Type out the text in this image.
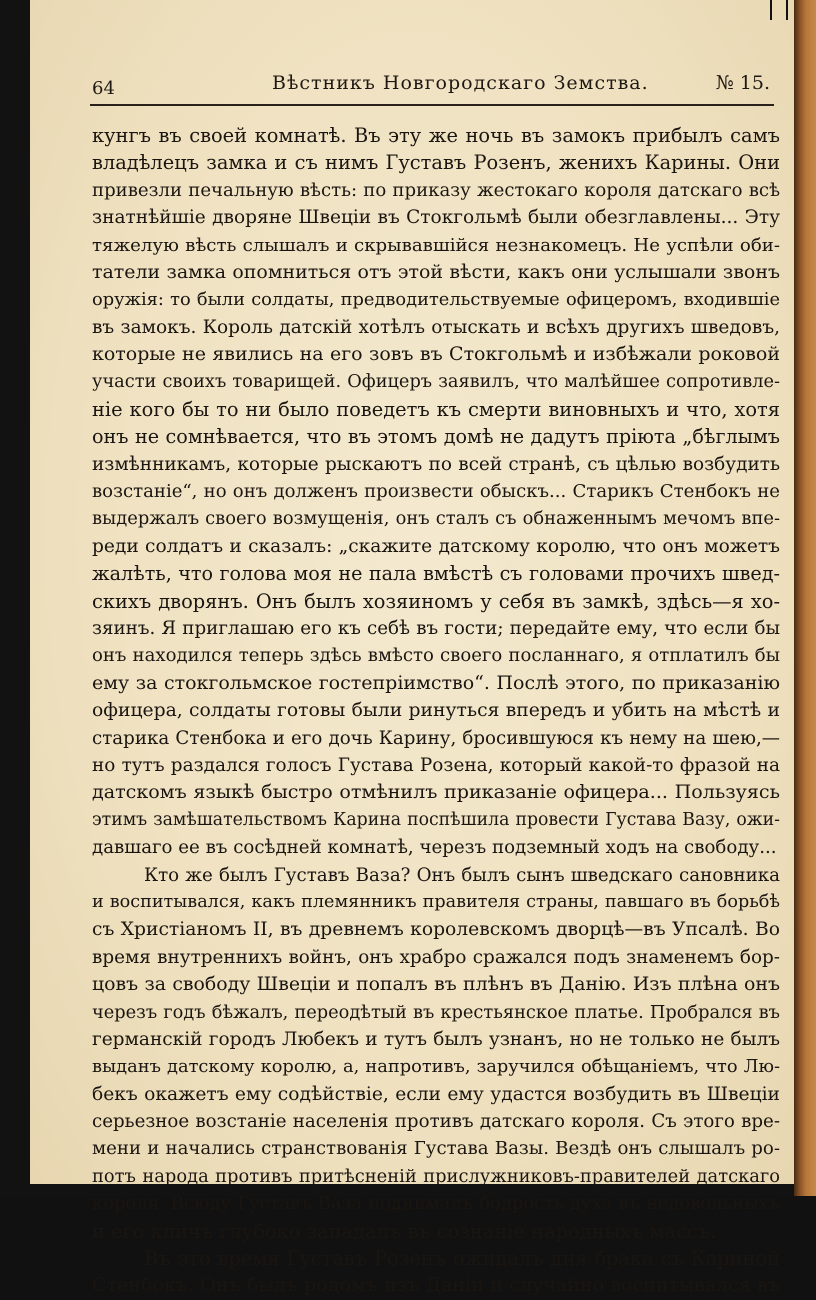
64	Вѣстникъ Новгородскаго Земства.	№ 15.
кунгъ въ своей комнатѣ. Въ эту же ночь въ замокъ прибылъ самъ
владѣлецъ замка и съ нимъ Густавъ Розенъ, женихъ Карины. Они
привезли печальную вѣсть: по приказу жестокаго короля датскаго всѣ
знатнѣйшіе дворяне Швеціи въ Стокгольмѣ были обезглавлены... Эту
тяжелую вѣсть слышалъ и скрывавшійся незнакомецъ. Не успѣли оби-
татели замка опомниться отъ этой вѣсти, какъ они услышали звонъ
оружія: то были солдаты, предводительствуемые офицеромъ, входившіе
въ замокъ. Король датскій хотѣлъ отыскать и всѣхъ другихъ шведовъ,
которые не явились на его зовъ въ Стокгольмѣ и избѣжали роковой
участи своихъ товарищей. Офицеръ заявилъ, что малѣйшее сопротивле-
ніе кого бы то ни было поведетъ къ смерти виновныхъ и что, хотя
онъ не сомнѣвается, что въ этомъ домѣ не дадутъ пріюта „бѣглымъ
измѣнникамъ, которые рыскаютъ по всей странѣ, съ цѣлью возбудить
возстаніе“, но онъ долженъ произвести обыскъ... Старикъ Стенбокъ не
выдержалъ своего возмущенія, онъ сталъ съ обнаженнымъ мечомъ впе-
реди солдатъ и сказалъ: „скажите датскому королю, что онъ можетъ
жалѣть, что голова моя не пала вмѣстѣ съ головами прочихъ швед-
скихъ дворянъ. Онъ былъ хозяиномъ у себя въ замкѣ, здѣсь—я хо-
зяинъ. Я приглашаю его къ себѣ въ гости; передайте ему, что если бы
онъ находился теперь здѣсь вмѣсто своего посланнаго, я отплатилъ бы
ему за стокгольмское гостепріимство“. Послѣ этого, по приказанію
офицера, солдаты готовы были ринуться впередъ и убить на мѣстѣ и
старика Стенбока и его дочь Карину, бросившуюся къ нему на шею,—
но тутъ раздался голосъ Густава Розена, который какой-то фразой на
датскомъ языкѣ быстро отмѣнилъ приказаніе офицера... Пользуясь
этимъ замѣшательствомъ Карина поспѣшила провести Густава Вазу, ожи-
давшаго ее въ сосѣдней комнатѣ, черезъ подземный ходъ на свободу...
Кто же былъ Густавъ Ваза? Онъ былъ сынъ шведскаго сановника
и воспитывался, какъ племянникъ правителя страны, павшаго въ борьбѣ
съ Христіаномъ II, въ древнемъ королевскомъ дворцѣ—въ Упсалѣ. Во
время внутреннихъ войнъ, онъ храбро сражался подъ знаменемъ бор-
цовъ за свободу Швеціи и попалъ въ плѣнъ въ Данію. Изъ плѣна онъ
черезъ годъ бѣжалъ, переодѣтый въ крестьянское платье. Пробрался въ
германскій городъ Любекъ и тутъ былъ узнанъ, но не только не былъ
выданъ датскому королю, а, напротивъ, заручился обѣщаніемъ, что Лю-
бекъ окажетъ ему содѣйствіе, если ему удастся возбудить въ Швеціи
серьезное возстаніе населенія противъ датскаго короля. Съ этого вре-
мени и начались странствованія Густава Вазы. Вездѣ онъ слышалъ ро-
потъ народа противъ притѣсненій прислужниковъ-правителей датскаго
короля. Всюду Густавъ Ваза поднималъ бодрость духа въ недовольныхъ
и его кличъ глубоко западалъ въ сознаніе народныхъ массъ.
Въ это время Густавъ Розенъ ожидалъ дня брака съ Кариной
Стенбокъ. Онъ былъ родомъ изъ Даніи и случайно воспитывался въ
